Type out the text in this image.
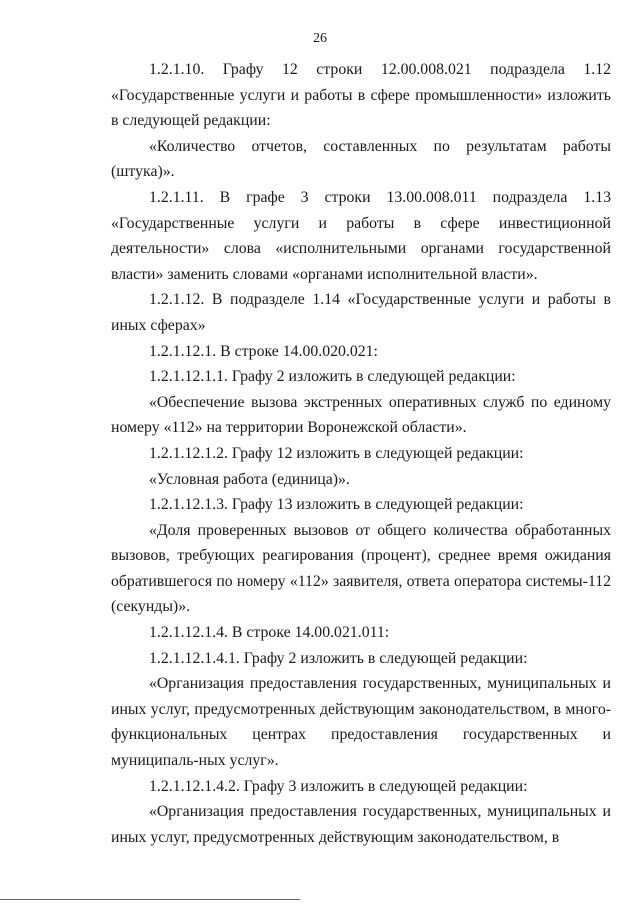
26

1.2.1.10. Графу 12 строки 12.00.008.021 подраздела 1.12 «Государственные услуги и работы в сфере промышленности» изложить в следующей редакции:

«Количество отчетов, составленных по результатам работы (штука)».

1.2.1.11. В графе 3 строки 13.00.008.011 подраздела 1.13 «Государственные услуги и работы в сфере инвестиционной деятельности» слова «исполнительными органами государственной власти» заменить словами «органами исполнительной власти».

1.2.1.12. В подразделе 1.14 «Государственные услуги и работы в иных сферах»

1.2.1.12.1. В строке 14.00.020.021:

1.2.1.12.1.1. Графу 2 изложить в следующей редакции:

«Обеспечение вызова экстренных оперативных служб по единому номеру «112» на территории Воронежской области».

1.2.1.12.1.2. Графу 12 изложить в следующей редакции:

«Условная работа (единица)».

1.2.1.12.1.3. Графу 13 изложить в следующей редакции:

«Доля проверенных вызовов от общего количества обработанных вызовов, требующих реагирования (процент), среднее время ожидания обратившегося по номеру «112» заявителя, ответа оператора системы-112 (секунды)».

1.2.1.12.1.4. В строке 14.00.021.011:

1.2.1.12.1.4.1. Графу 2 изложить в следующей редакции:

«Организация предоставления государственных, муниципальных и иных услуг, предусмотренных действующим законодательством, в много-функциональных центрах предоставления государственных и муниципаль-ных услуг».

1.2.1.12.1.4.2. Графу 3 изложить в следующей редакции:

«Организация предоставления государственных, муниципальных и иных услуг, предусмотренных действующим законодательством, в
